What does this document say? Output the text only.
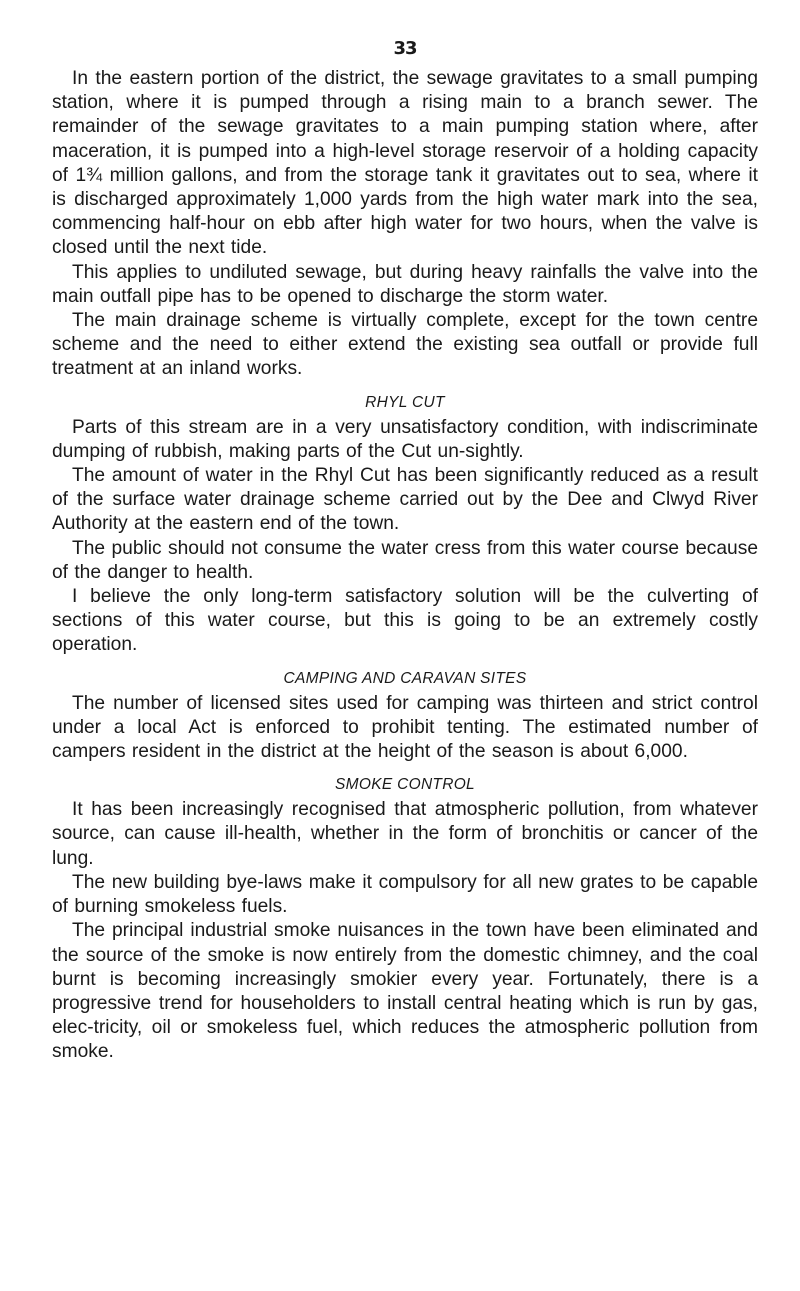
33

In the eastern portion of the district, the sewage gravitates to a small pumping station, where it is pumped through a rising main to a branch sewer. The remainder of the sewage gravitates to a main pumping station where, after maceration, it is pumped into a high-level storage reservoir of a holding capacity of 1¾ million gallons, and from the storage tank it gravitates out to sea, where it is discharged approximately 1,000 yards from the high water mark into the sea, commencing half-hour on ebb after high water for two hours, when the valve is closed until the next tide.

This applies to undiluted sewage, but during heavy rainfalls the valve into the main outfall pipe has to be opened to discharge the storm water.

The main drainage scheme is virtually complete, except for the town centre scheme and the need to either extend the existing sea outfall or provide full treatment at an inland works.

RHYL CUT

Parts of this stream are in a very unsatisfactory condition, with indiscriminate dumping of rubbish, making parts of the Cut un-sightly.

The amount of water in the Rhyl Cut has been significantly reduced as a result of the surface water drainage scheme carried out by the Dee and Clwyd River Authority at the eastern end of the town.

The public should not consume the water cress from this water course because of the danger to health.

I believe the only long-term satisfactory solution will be the culverting of sections of this water course, but this is going to be an extremely costly operation.

CAMPING AND CARAVAN SITES

The number of licensed sites used for camping was thirteen and strict control under a local Act is enforced to prohibit tenting. The estimated number of campers resident in the district at the height of the season is about 6,000.

SMOKE CONTROL

It has been increasingly recognised that atmospheric pollution, from whatever source, can cause ill-health, whether in the form of bronchitis or cancer of the lung.

The new building bye-laws make it compulsory for all new grates to be capable of burning smokeless fuels.

The principal industrial smoke nuisances in the town have been eliminated and the source of the smoke is now entirely from the domestic chimney, and the coal burnt is becoming increasingly smokier every year. Fortunately, there is a progressive trend for householders to install central heating which is run by gas, elec-tricity, oil or smokeless fuel, which reduces the atmospheric pollution from smoke.
